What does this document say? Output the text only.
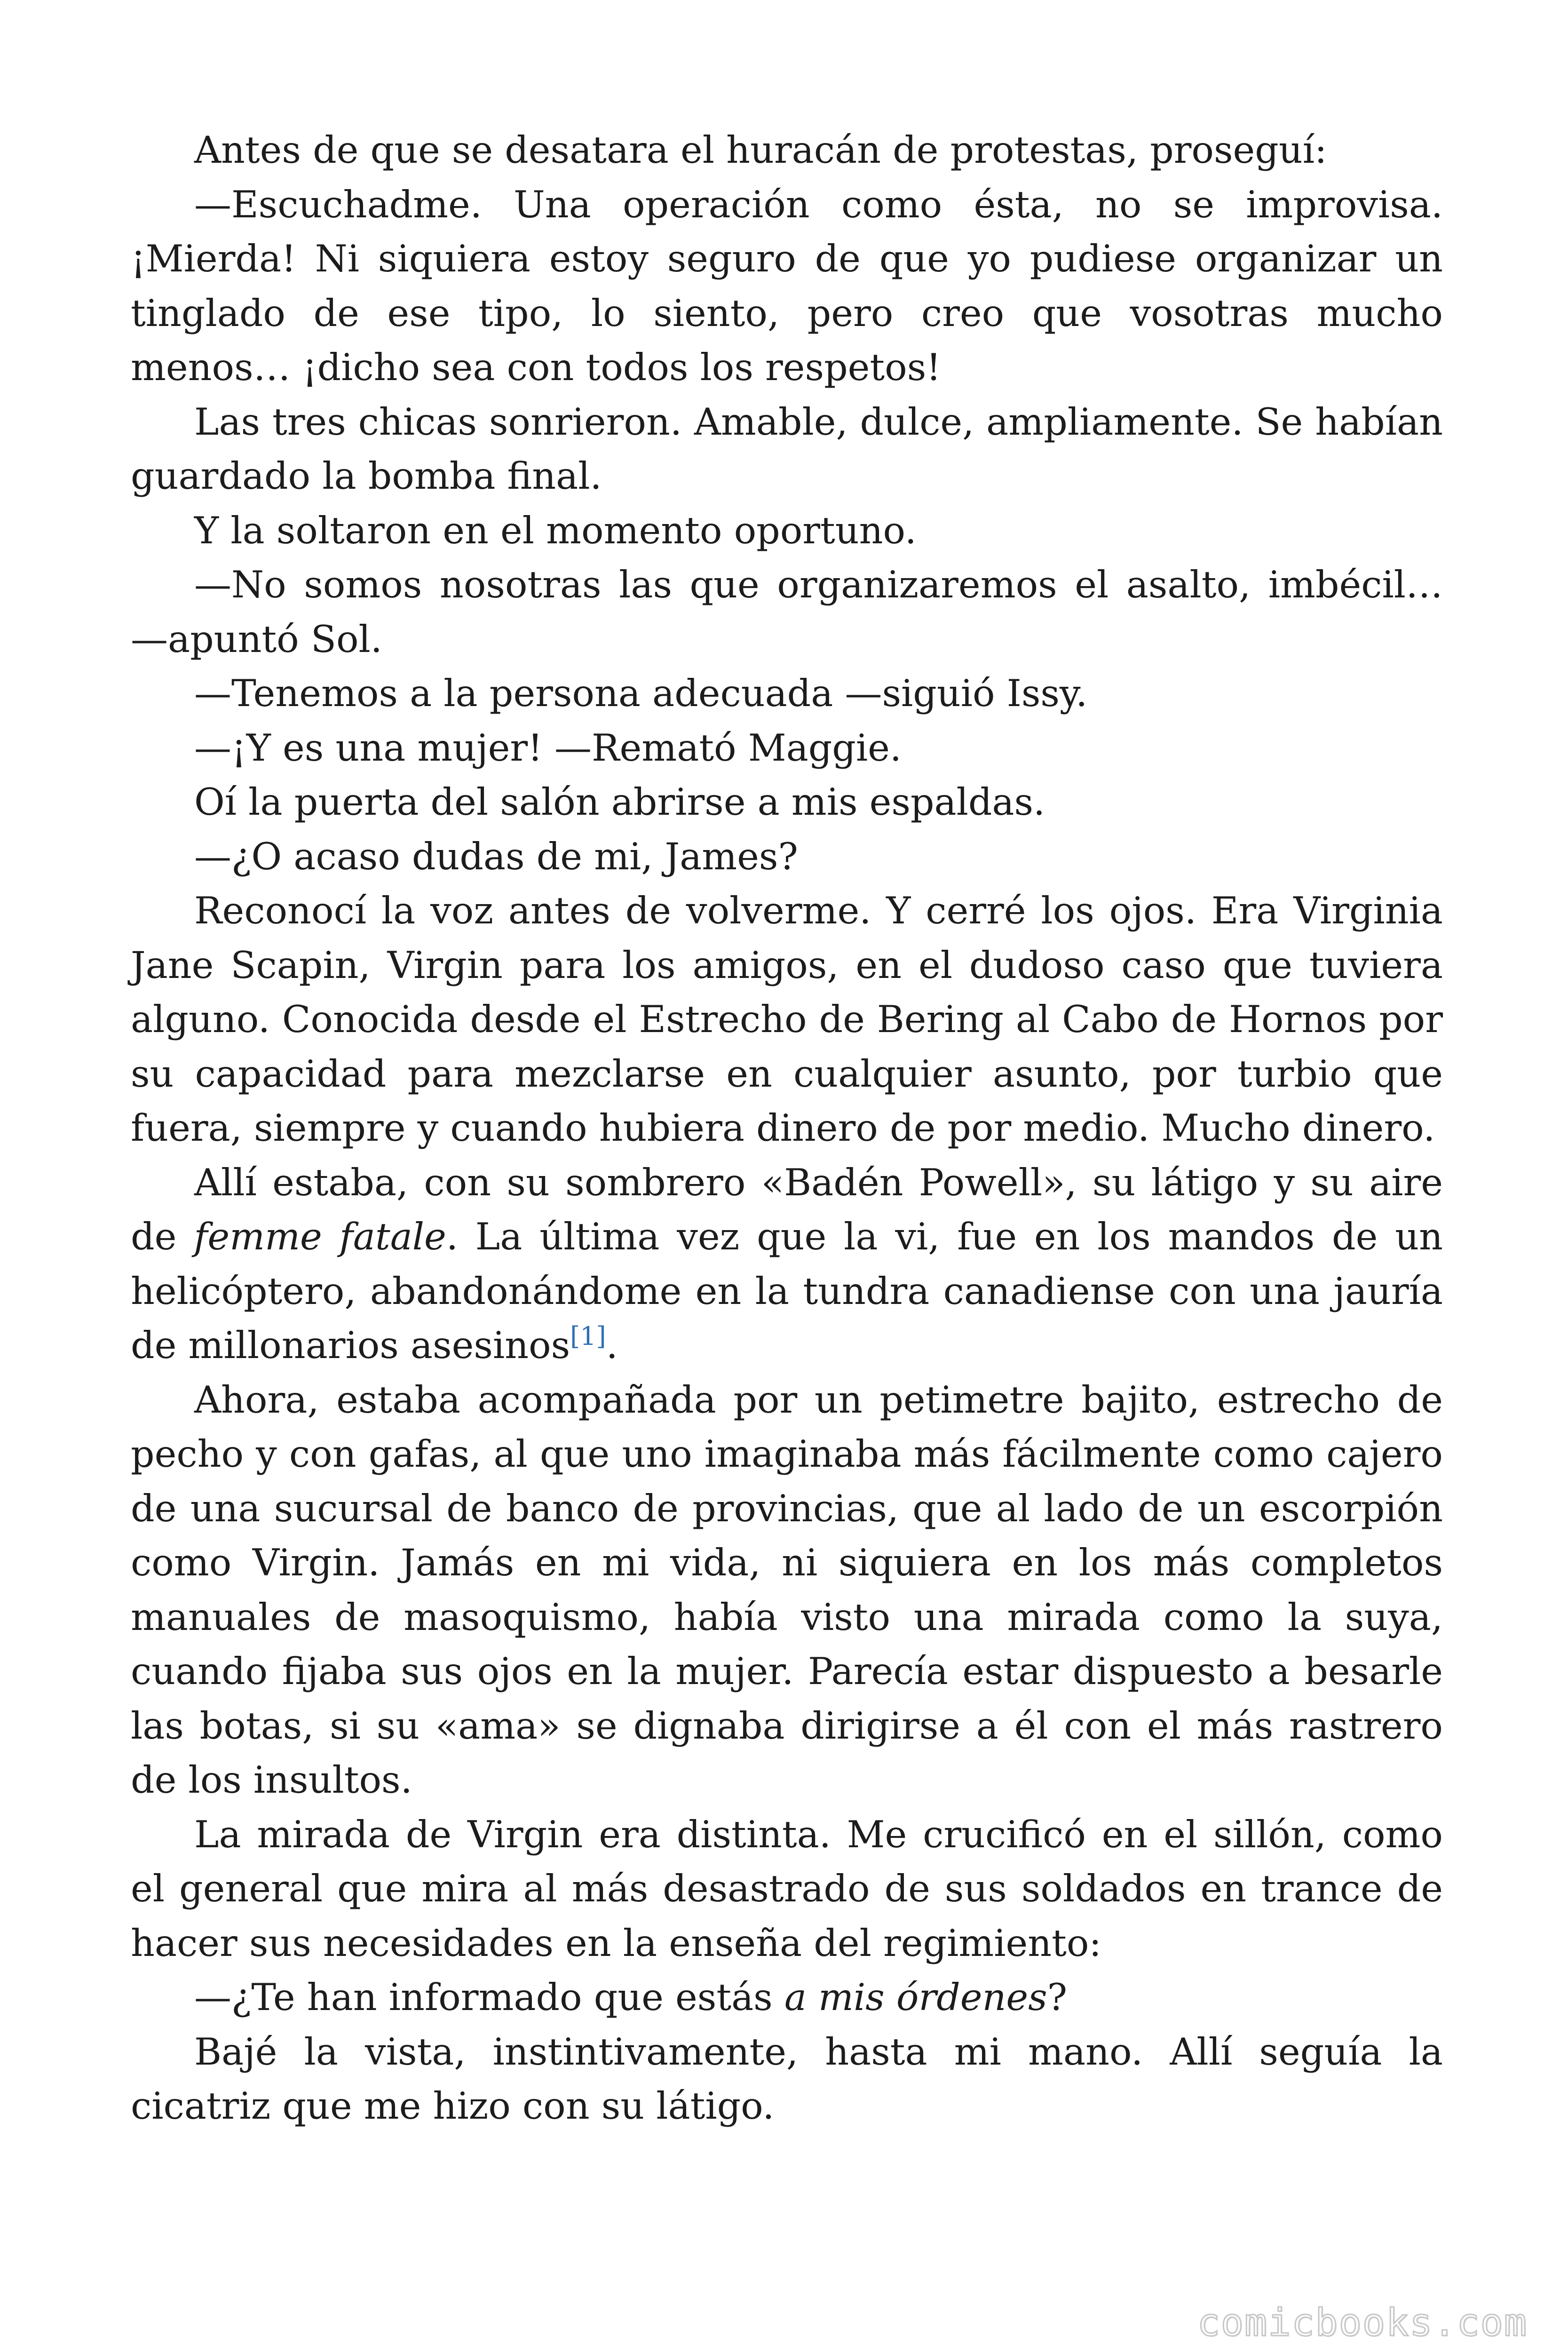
Antes de que se desatara el huracán de protestas, proseguí:

—Escuchadme. Una operación como ésta, no se improvisa. ¡Mierda! Ni siquiera estoy seguro de que yo pudiese organizar un tinglado de ese tipo, lo siento, pero creo que vosotras mucho menos… ¡dicho sea con todos los respetos!

Las tres chicas sonrieron. Amable, dulce, ampliamente. Se habían guardado la bomba final.

Y la soltaron en el momento oportuno.

—No somos nosotras las que organizaremos el asalto, imbécil… —apuntó Sol.

—Tenemos a la persona adecuada —siguió Issy.

—¡Y es una mujer! —Remató Maggie.

Oí la puerta del salón abrirse a mis espaldas.

—¿O acaso dudas de mi, James?

Reconocí la voz antes de volverme. Y cerré los ojos. Era Virginia Jane Scapin, Virgin para los amigos, en el dudoso caso que tuviera alguno. Conocida desde el Estrecho de Bering al Cabo de Hornos por su capacidad para mezclarse en cualquier asunto, por turbio que fuera, siempre y cuando hubiera dinero de por medio. Mucho dinero.

Allí estaba, con su sombrero «Badén Powell», su látigo y su aire de femme fatale. La última vez que la vi, fue en los mandos de un helicóptero, abandonándome en la tundra canadiense con una jauría de millonarios asesinos[1].

Ahora, estaba acompañada por un petimetre bajito, estrecho de pecho y con gafas, al que uno imaginaba más fácilmente como cajero de una sucursal de banco de provincias, que al lado de un escorpión como Virgin. Jamás en mi vida, ni siquiera en los más completos manuales de masoquismo, había visto una mirada como la suya, cuando fijaba sus ojos en la mujer. Parecía estar dispuesto a besarle las botas, si su «ama» se dignaba dirigirse a él con el más rastrero de los insultos.

La mirada de Virgin era distinta. Me crucificó en el sillón, como el general que mira al más desastrado de sus soldados en trance de hacer sus necesidades en la enseña del regimiento:

—¿Te han informado que estás a mis órdenes?

Bajé la vista, instintivamente, hasta mi mano. Allí seguía la cicatriz que me hizo con su látigo.

comicbooks.com
